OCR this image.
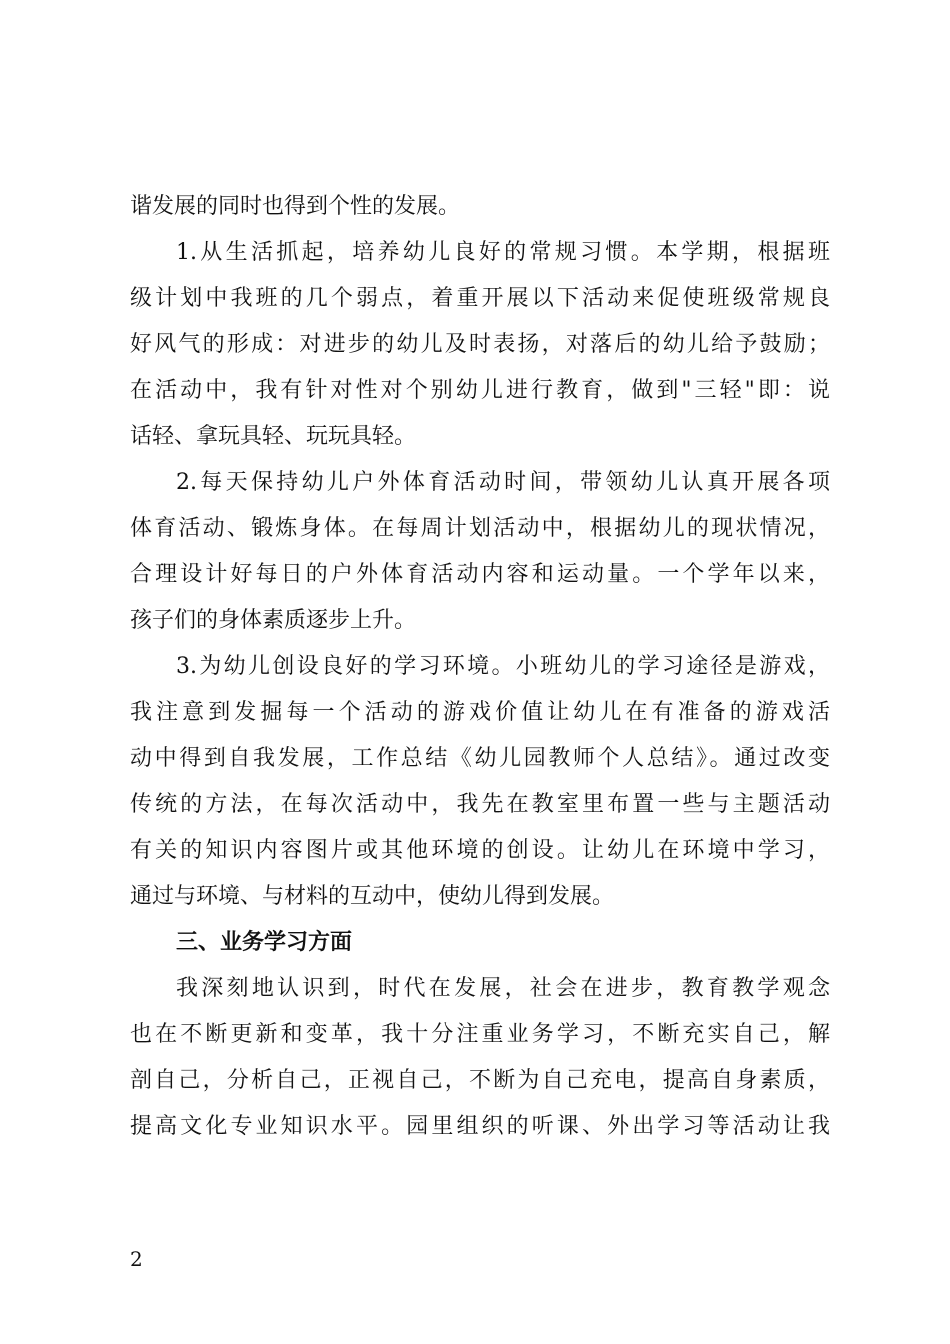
谐发展的同时也得到个性的发展。
1.从生活抓起，培养幼儿良好的常规习惯。本学期，根据班
级计划中我班的几个弱点，着重开展以下活动来促使班级常规良
好风气的形成：对进步的幼儿及时表扬，对落后的幼儿给予鼓励；
在活动中，我有针对性对个别幼儿进行教育，做到"三轻"即：说
话轻、拿玩具轻、玩玩具轻。
2.每天保持幼儿户外体育活动时间，带领幼儿认真开展各项
体育活动、锻炼身体。在每周计划活动中，根据幼儿的现状情况，
合理设计好每日的户外体育活动内容和运动量。一个学年以来，
孩子们的身体素质逐步上升。
3.为幼儿创设良好的学习环境。小班幼儿的学习途径是游戏，
我注意到发掘每一个活动的游戏价值让幼儿在有准备的游戏活
动中得到自我发展，工作总结《幼儿园教师个人总结》。通过改变
传统的方法，在每次活动中，我先在教室里布置一些与主题活动
有关的知识内容图片或其他环境的创设。让幼儿在环境中学习，
通过与环境、与材料的互动中，使幼儿得到发展。
三、业务学习方面
我深刻地认识到，时代在发展，社会在进步，教育教学观念
也在不断更新和变革，我十分注重业务学习，不断充实自己，解
剖自己，分析自己，正视自己，不断为自己充电，提高自身素质，
提高文化专业知识水平。园里组织的听课、外出学习等活动让我
2
